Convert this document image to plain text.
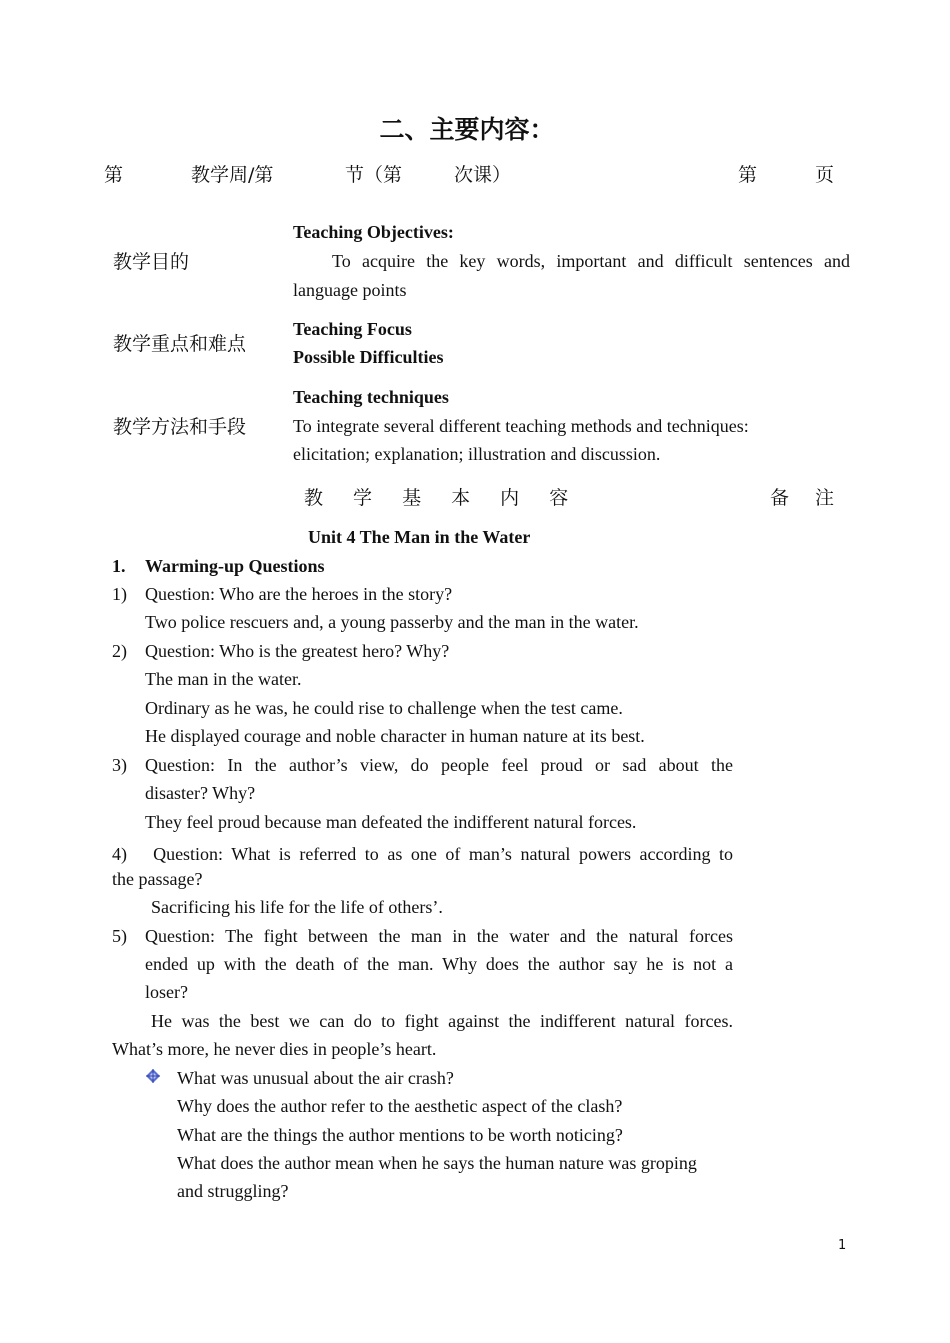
二、主要内容：
第	教学周/第	节（第	次课）	第	页
教学目的
Teaching Objectives:
To acquire the key words, important and difficult sentences and
language points
教学重点和难点
Teaching Focus
Possible Difficulties
教学方法和手段
Teaching techniques
To integrate several different teaching methods and techniques:
elicitation; explanation; illustration and discussion.
教 学 基 本 内 容	备 注
Unit 4 The Man in the Water
1. Warming-up Questions
1) Question: Who are the heroes in the story?
Two police rescuers and, a young passerby and the man in the water.
2) Question: Who is the greatest hero? Why?
The man in the water.
Ordinary as he was, he could rise to challenge when the test came.
He displayed courage and noble character in human nature at its best.
3) Question: In the author’s view, do people feel proud or sad about the
disaster? Why?
They feel proud because man defeated the indifferent natural forces.
4)　Question: What is referred to as one of man’s natural powers according to
the passage?
Sacrificing his life for the life of others’.
5) Question: The fight between the man in the water and the natural forces
ended up with the death of the man. Why does the author say he is not a
loser?
He was the best we can do to fight against the indifferent natural forces.
What’s more, he never dies in people’s heart.
What was unusual about the air crash?
Why does the author refer to the aesthetic aspect of the clash?
What are the things the author mentions to be worth noticing?
What does the author mean when he says the human nature was groping
and struggling?
1
